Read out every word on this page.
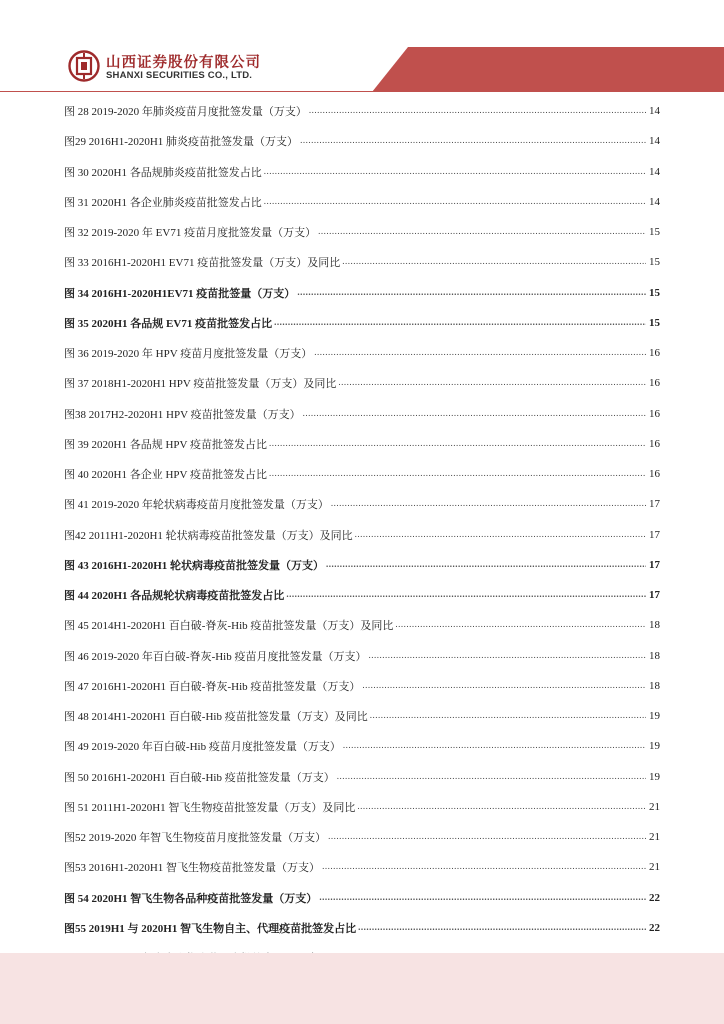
山西证券股份有限公司
SHANXI SECURITIES CO., LTD.
图 28 2019-2020 年肺炎疫苗月度批签发量（万支） .....	14
图29 2016H1-2020H1 肺炎疫苗批签发量（万支） .....	14
图 30 2020H1 各品规肺炎疫苗批签发占比 .....	14
图 31 2020H1 各企业肺炎疫苗批签发占比 .....	14
图 32 2019-2020 年 EV71 疫苗月度批签发量（万支） .....	15
图 33 2016H1-2020H1 EV71 疫苗批签发量（万支）及同比 .....	15
图 34 2016H1-2020H1EV71 疫苗批签量（万支） .....	15
图 35 2020H1 各品规 EV71 疫苗批签发占比 .....	15
图 36 2019-2020 年 HPV 疫苗月度批签发量（万支） .....	16
图 37 2018H1-2020H1 HPV 疫苗批签发量（万支）及同比 .....	16
图38 2017H2-2020H1 HPV 疫苗批签发量（万支） .....	16
图 39 2020H1 各品规 HPV 疫苗批签发占比 .....	16
图 40 2020H1 各企业 HPV 疫苗批签发占比 .....	16
图 41 2019-2020 年轮状病毒疫苗月度批签发量（万支） .....	17
图42 2011H1-2020H1 轮状病毒疫苗批签发量（万支）及同比 .....	17
图 43 2016H1-2020H1 轮状病毒疫苗批签发量（万支） .....	17
图 44 2020H1 各品规轮状病毒疫苗批签发占比 .....	17
图 45 2014H1-2020H1 百白破-脊灰-Hib 疫苗批签发量（万支）及同比 .....	18
图 46 2019-2020 年百白破-脊灰-Hib 疫苗月度批签发量（万支） .....	18
图 47 2016H1-2020H1 百白破-脊灰-Hib 疫苗批签发量（万支） .....	18
图 48 2014H1-2020H1 百白破-Hib 疫苗批签发量（万支）及同比 .....	19
图 49 2019-2020 年百白破-Hib 疫苗月度批签发量（万支） .....	19
图 50 2016H1-2020H1 百白破-Hib 疫苗批签发量（万支） .....	19
图 51 2011H1-2020H1 智飞生物疫苗批签发量（万支）及同比 .....	21
图52 2019-2020 年智飞生物疫苗月度批签发量（万支） .....	21
图53 2016H1-2020H1 智飞生物疫苗批签发量（万支） .....	21
图 54 2020H1 智飞生物各品种疫苗批签发量（万支） .....	22
图55 2019H1 与 2020H1 智飞生物自主、代理疫苗批签发占比 .....	22
.....
